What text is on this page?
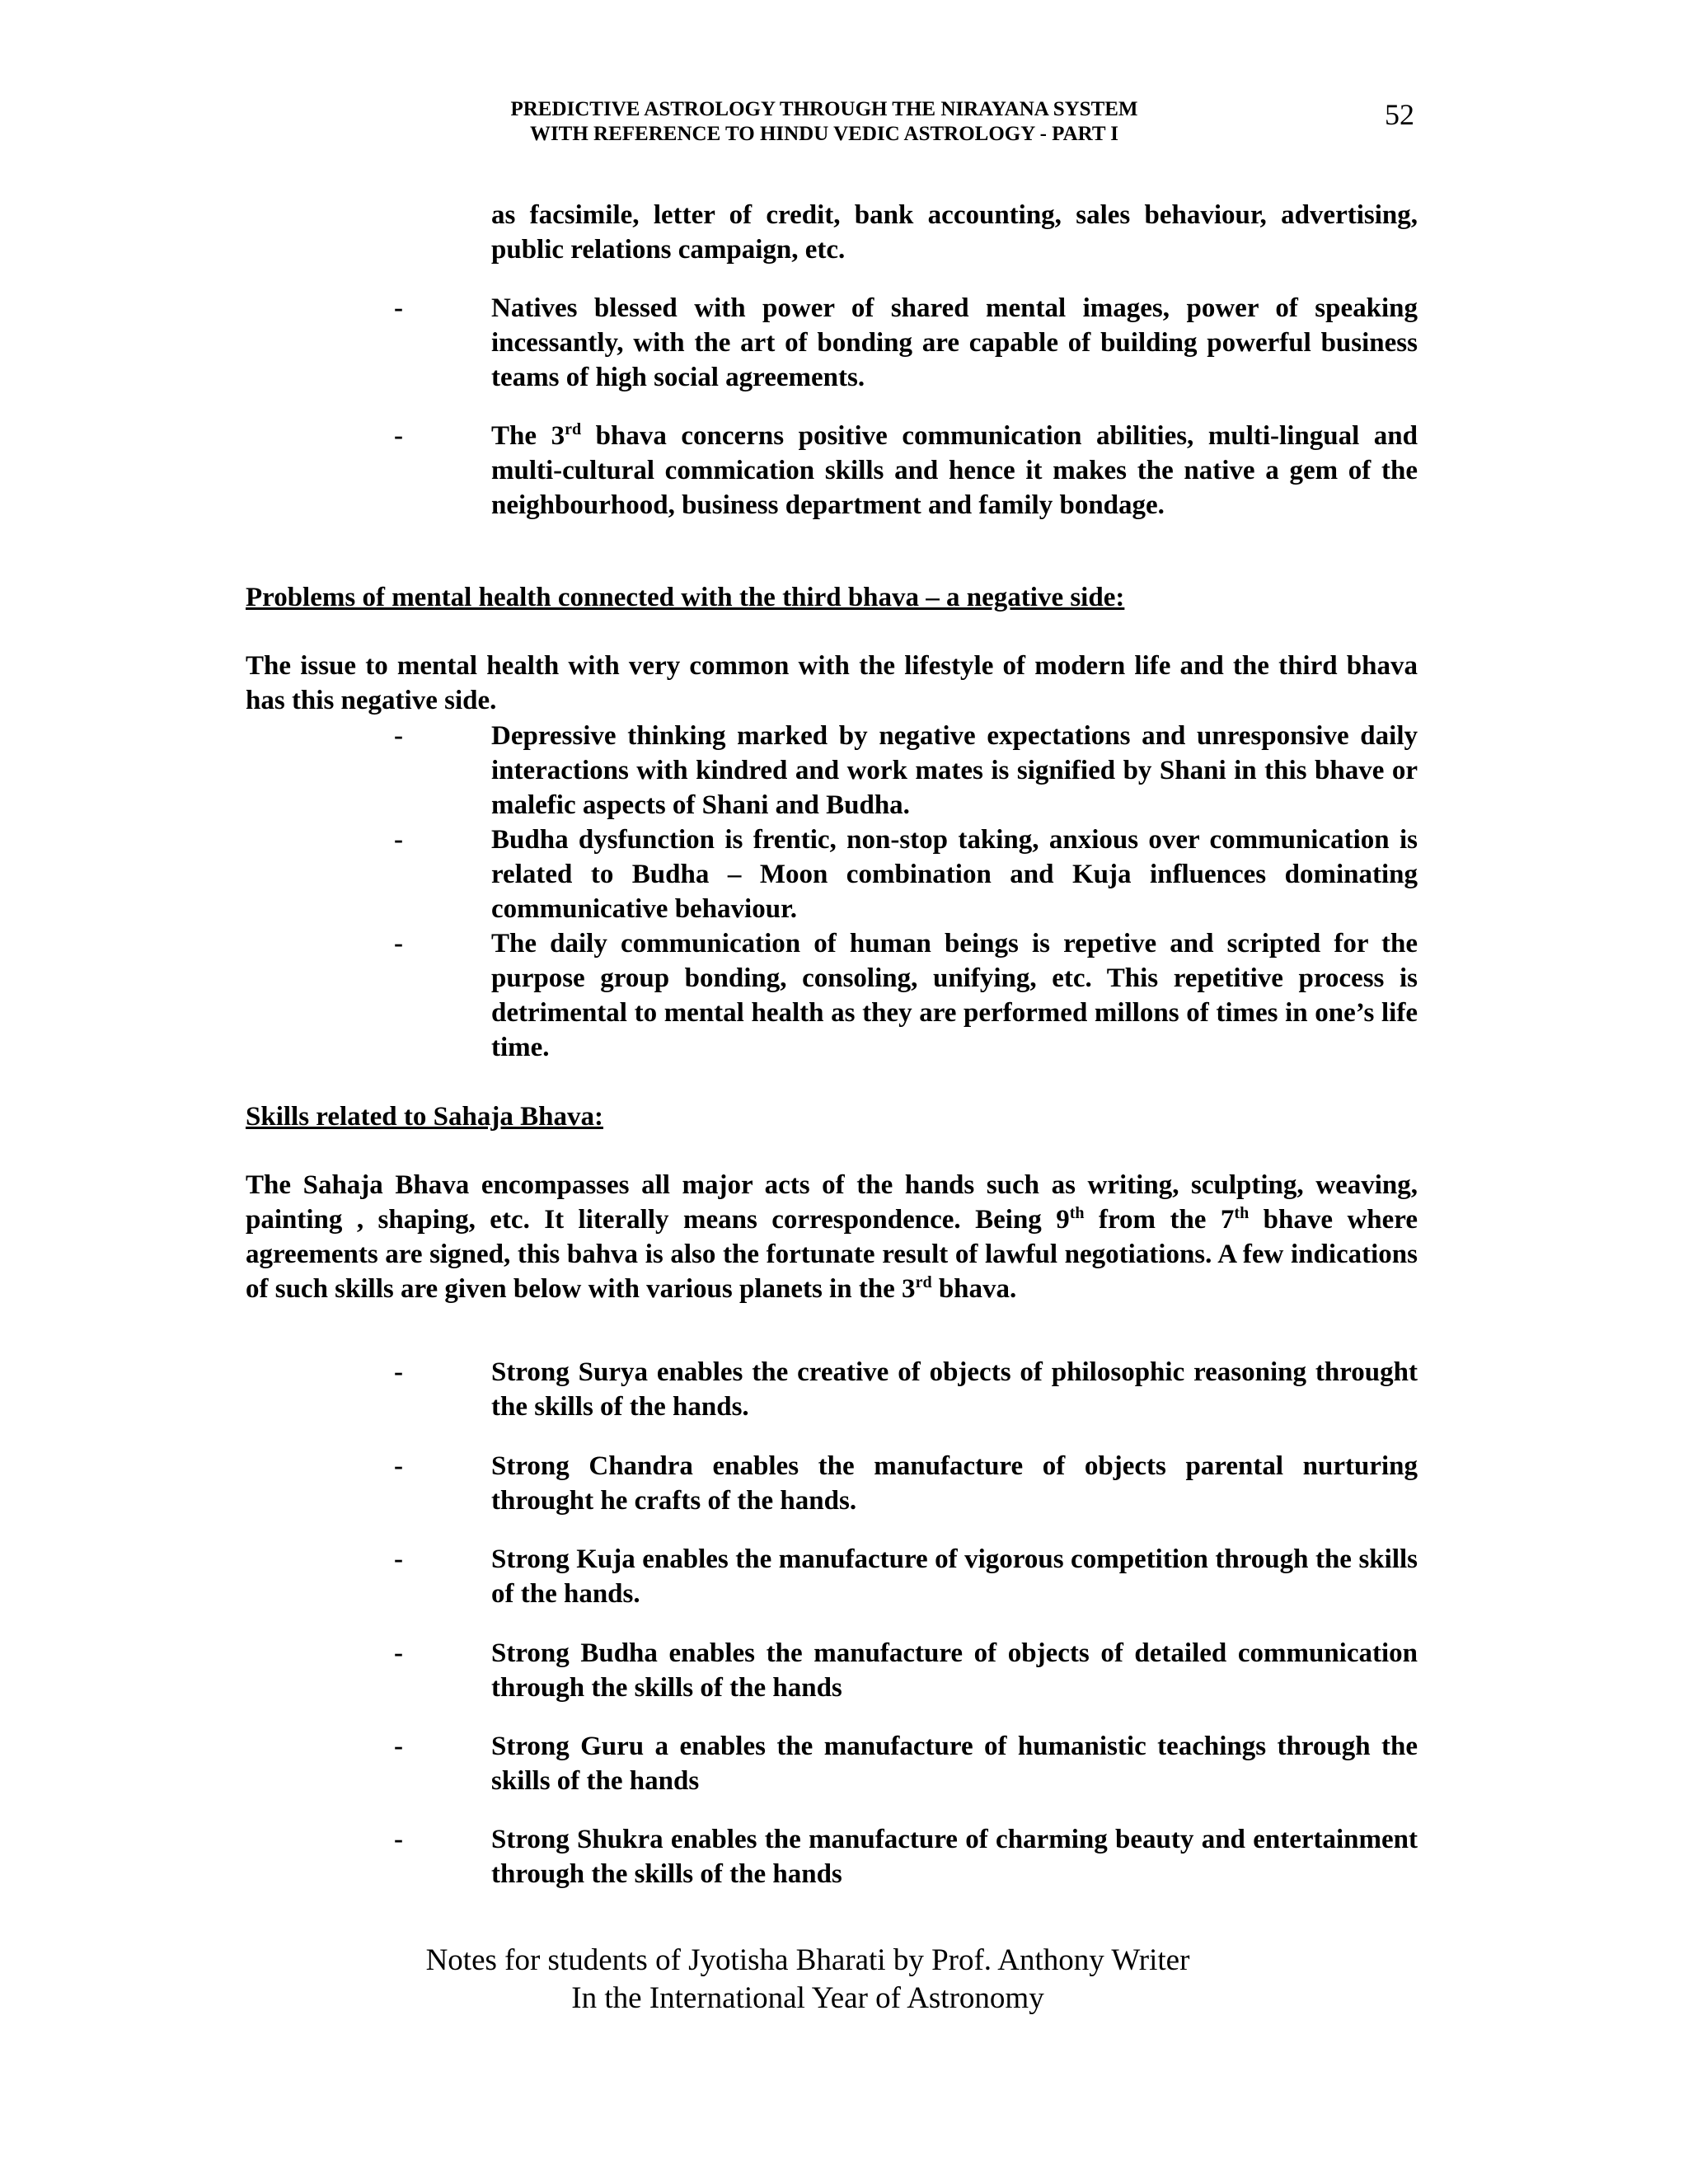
PREDICTIVE ASTROLOGY THROUGH THE NIRAYANA SYSTEM
WITH REFERENCE TO HINDU VEDIC ASTROLOGY - PART I
52
as facsimile, letter of credit, bank accounting, sales behaviour, advertising, public relations campaign, etc.
-	Natives blessed with power of shared mental images, power of speaking incessantly, with the art of bonding are capable of building powerful business teams of high social agreements.
-	The 3rd bhava concerns positive communication abilities, multi-lingual and multi-cultural commication skills and hence it makes the native a gem of the neighbourhood, business department and family bondage.
Problems of mental health connected with the third bhava – a negative side:
The issue to mental health with very common with the lifestyle of modern life and the third bhava has this negative side.
-	Depressive thinking marked by negative expectations and unresponsive daily interactions with kindred and work mates is signified by Shani in this bhave or malefic aspects of Shani and Budha.
-	Budha dysfunction is frentic, non-stop taking, anxious over communication is related to Budha – Moon combination and Kuja influences dominating communicative behaviour.
-	The daily communication of human beings is repetive and scripted for the purpose group bonding, consoling, unifying, etc. This repetitive process is detrimental to mental health as they are performed millons of times in one’s life time.
Skills related to Sahaja Bhava:
The Sahaja Bhava encompasses all major acts of the hands such as writing, sculpting, weaving, painting , shaping, etc. It literally means correspondence. Being 9th from the 7th bhave where agreements are signed, this bahva is also the fortunate result of lawful negotiations. A few indications of such skills are given below with various planets in the 3rd bhava.
-	Strong Surya enables the creative of objects of philosophic reasoning throught the skills of the hands.
-	Strong Chandra enables the manufacture of objects parental nurturing throught he crafts of the hands.
-	Strong Kuja enables the manufacture of vigorous competition through the skills of the hands.
-	Strong Budha enables the manufacture of objects of detailed communication through the skills of the hands
-	Strong Guru a enables the manufacture of humanistic teachings through the skills of the hands
-	Strong Shukra enables the manufacture of charming beauty and entertainment through the skills of the hands
Notes for students of Jyotisha Bharati by Prof. Anthony Writer
In the International Year of Astronomy
